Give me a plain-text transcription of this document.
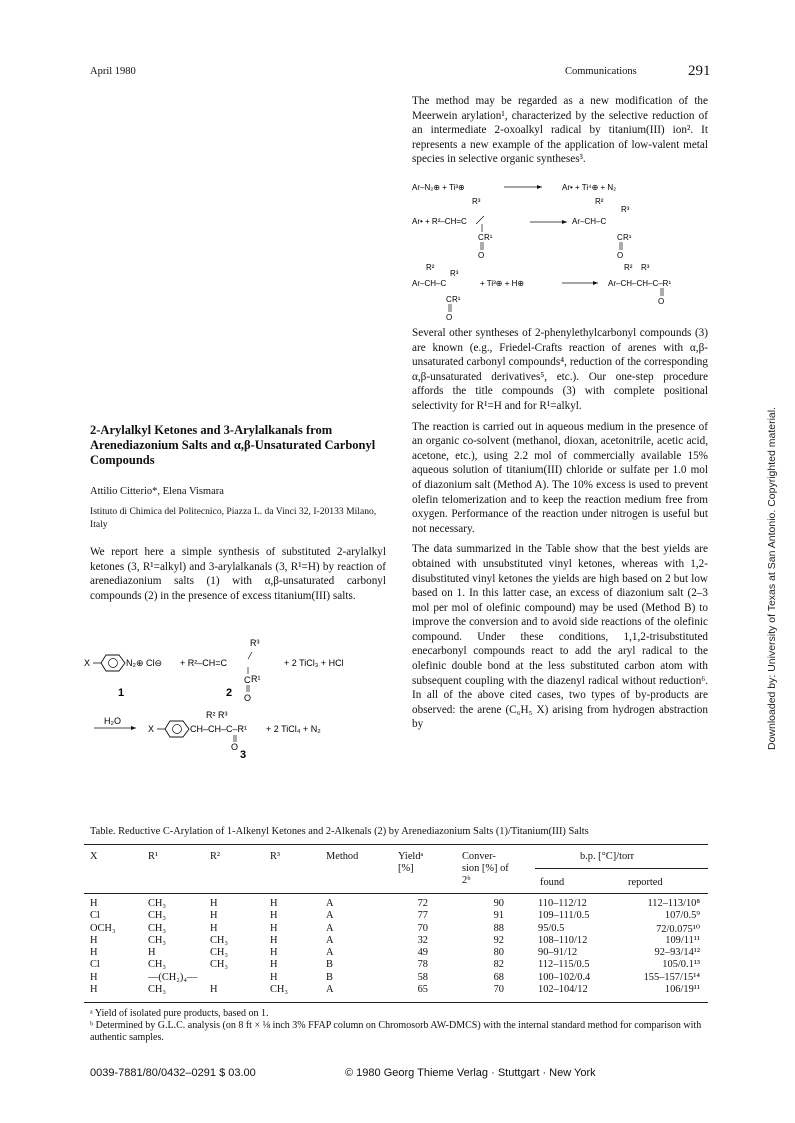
April 1980	Communications	291
The method may be regarded as a new modification of the Meerwein arylation¹, characterized by the selective reduction of an intermediate 2-oxoalkyl radical by titanium(III) ion². It represents a new example of the application of low-valent metal species in selective organic syntheses³.
Ar–N₂⊕ + Ti³⊕	Ar• + Ti⁴⊕ + N₂
R³
Ar• + R²–CH=C
C R¹
O
R²
R³
Ar–CH–C
C R¹
O
R²
R³
Ar–CH–C
C R¹
O
+ Ti³⊕ + H⊕
R² R³
Ar–CH–CH–C–R¹
O

Several other syntheses of 2-phenylethylcarbonyl compounds (3) are known (e.g., Friedel-Crafts reaction of arenes with α,β-unsaturated carbonyl compounds⁴, reduction of the corresponding α,β-unsaturated derivatives⁵, etc.). Our one-step procedure affords the title compounds (3) with complete positional selectivity for R¹=H and for R¹=alkyl.

The reaction is carried out in aqueous medium in the presence of an organic co-solvent (methanol, dioxan, acetonitrile, acetic acid, acetone, etc.), using 2.2 mol of commercially available 15% aqueous solution of titanium(III) chloride or sulfate per 1.0 mol of diazonium salt (Method A). The 10% excess is used to prevent olefin telomerization and to keep the reaction medium free from oxygen. Performance of the reaction under nitrogen is useful but not necessary.

The data summarized in the Table show that the best yields are obtained with unsubstituted vinyl ketones, whereas with 1,2-disubstituted vinyl ketones the yields are high based on 2 but low based on 1. In this latter case, an excess of diazonium salt (2–3 mol per mol of olefinic compound) may be used (Method B) to improve the conversion and to avoid side reactions of the olefinic compound. Under these conditions, 1,1,2-trisubstituted enecarbonyl compounds react to add the aryl radical to the olefinic double bond at the less substituted carbon atom with subsequent coupling with the diazenyl radical without reduction⁶. In all of the above cited cases, two types of by-products are observed: the arene (C₆H₅ X) arising from hydrogen abstraction by

2-Arylalkyl Ketones and 3-Arylalkanals from Arenediazonium Salts and α,β-Unsaturated Carbonyl Compounds
Attilio Citterio*, Elena Vismara
Istituto di Chimica del Politecnico, Piazza L. da Vinci 32, I-20133 Milano, Italy
We report here a simple synthesis of substituted 2-arylalkyl ketones (3, R¹=alkyl) and 3-arylalkanals (3, R¹=H) by reaction of arenediazonium salts (1) with α,β-unsaturated carbonyl compounds (2) in the presence of excess titanium(III) salts.
X	N₂⊕ Cl⊖ + R²–CH=C
R³
C R¹
O
+ 2 TiCl₃ + HCl
1	2
H₂O
R² R³
X	CH–CH–C–R¹
O
+ 2 TiCl₄ + N₂
3
Table. Reductive C-Arylation of 1-Alkenyl Ketones and 2-Alkenals (2) by Arenediazonium Salts (1)/Titanium(III) Salts
X	R¹	R²	R³	Method	Yieldᵃ [%]
Conver-sion [%] of 2ᵇ
b.p. [°C]/torr
found	reported
H	CH₃	H	H	A	72	90	110–112/12	112–113/10⁸
Cl	CH₃	H	H	A	77	91	109–111/0.5	107/0.5⁹
OCH₃	CH₃	H	H	A	70	88	95/0.5	72/0.075¹⁰
H	CH₃	CH₃	H	A	32	92	108–110/12	109/11¹¹
H	H	CH₃	H	A	49	80	90–91/12	92–93/14¹²
Cl	CH₃	CH₃	H	B	78	82	112–115/0.5	105/0.1¹³
H	—(CH₂)₄—		H	B	58	68	100–102/0.4	155–157/15¹⁴
H	CH₃	H	CH₃	A	65	70	102–104/12	106/19¹¹
ᵃ Yield of isolated pure products, based on 1.
ᵇ Determined by G.L.C. analysis (on 8 ft × ⅛ inch 3% FFAP column on Chromosorb AW-DMCS) with the internal standard method for comparison with authentic samples.
0039-7881/80/0432–0291 $ 03.00	© 1980 Georg Thieme Verlag · Stuttgart · New York
Downloaded by: University of Texas at San Antonio. Copyrighted material.
